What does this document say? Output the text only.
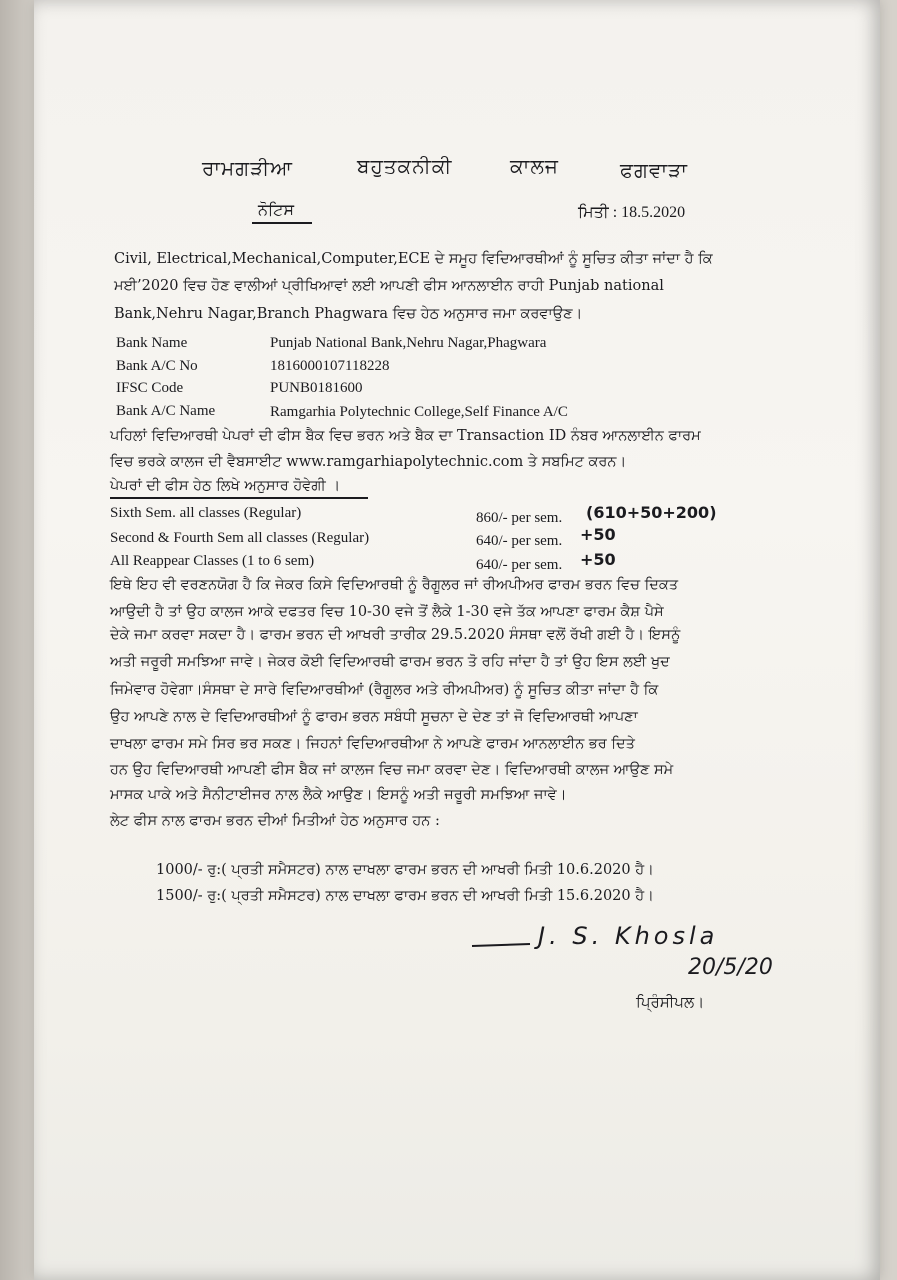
ਰਾਮਗੜੀਆ	ਬਹੁਤਕਨੀਕੀ	ਕਾਲਜ	ਫਗਵਾੜਾ
ਨੋਟਿਸ	ਮਿਤੀ : 18.5.2020
Civil, Electrical,Mechanical,Computer,ECE ਦੇ ਸਮੂਹ ਵਿਦਿਆਰਥੀਆਂ ਨੂੰ ਸੂਚਿਤ ਕੀਤਾ ਜਾਂਦਾ ਹੈ ਕਿ
ਮਈ’2020 ਵਿਚ ਹੋਣ ਵਾਲੀਆਂ ਪ੍ਰੀਖਿਆਵਾਂ ਲਈ ਆਪਣੀ ਫੀਸ ਆਨਲਾਈਨ ਰਾਹੀ Punjab national
Bank,Nehru Nagar,Branch Phagwara ਵਿਚ ਹੇਠ ਅਨੁਸਾਰ ਜਮਾ ਕਰਵਾਉਣ।
Bank Name	Punjab National Bank,Nehru Nagar,Phagwara
Bank A/C No	1816000107118228
IFSC Code	PUNB0181600
Bank A/C Name	Ramgarhia Polytechnic College,Self Finance A/C
ਪਹਿਲਾਂ ਵਿਦਿਆਰਥੀ ਪੇਪਰਾਂ ਦੀ ਫੀਸ ਬੈਕ ਵਿਚ ਭਰਨ ਅਤੇ ਬੈਕ ਦਾ Transaction ID ਨੰਬਰ ਆਨਲਾਈਨ ਫਾਰਮ
ਵਿਚ ਭਰਕੇ ਕਾਲਜ ਦੀ ਵੈਬਸਾਈਟ www.ramgarhiapolytechnic.com ਤੇ ਸਬਮਿਟ ਕਰਨ।
ਪੇਪਰਾਂ ਦੀ ਫੀਸ ਹੇਠ ਲਿਖੇ ਅਨੁਸਾਰ ਹੋਵੇਗੀ ।
Sixth Sem. all classes (Regular)	860/- per sem. (610+50+200)
Second & Fourth Sem all classes (Regular)	640/- per sem. +50
All Reappear Classes (1 to 6 sem)	640/- per sem. +50
ਇਥੇ ਇਹ ਵੀ ਵਰਣਨਯੋਗ ਹੈ ਕਿ ਜੇਕਰ ਕਿਸੇ ਵਿਦਿਆਰਥੀ ਨੂੰ ਰੈਗੂਲਰ ਜਾਂ ਰੀਅਪੀਅਰ ਫਾਰਮ ਭਰਨ ਵਿਚ ਦਿਕਤ
ਆਉਦੀ ਹੈ ਤਾਂ ਉਹ ਕਾਲਜ ਆਕੇ ਦਫਤਰ ਵਿਚ 10-30 ਵਜੇ ਤੋਂ ਲੈਕੇ 1-30 ਵਜੇ ਤੱਕ ਆਪਣਾ ਫਾਰਮ ਕੈਸ਼ ਪੈਸੇ
ਦੇਕੇ ਜਮਾ ਕਰਵਾ ਸਕਦਾ ਹੈ। ਫਾਰਮ ਭਰਨ ਦੀ ਆਖਰੀ ਤਾਰੀਕ 29.5.2020 ਸੰਸਥਾ ਵਲੋਂ ਰੱਖੀ ਗਈ ਹੈ। ਇਸਨੂੰ
ਅਤੀ ਜਰੂਰੀ ਸਮਝਿਆ ਜਾਵੇ। ਜੇਕਰ ਕੋਈ ਵਿਦਿਆਰਥੀ ਫਾਰਮ ਭਰਨ ਤੋ ਰਹਿ ਜਾਂਦਾ ਹੈ ਤਾਂ ਉਹ ਇਸ ਲਈ ਖੁਦ
ਜਿਮੇਵਾਰ ਹੋਵੇਗਾ।ਸੰਸਥਾ ਦੇ ਸਾਰੇ ਵਿਦਿਆਰਥੀਆਂ (ਰੈਗੂਲਰ ਅਤੇ ਰੀਅਪੀਅਰ) ਨੂੰ ਸੂਚਿਤ ਕੀਤਾ ਜਾਂਦਾ ਹੈ ਕਿ
ਉਹ ਆਪਣੇ ਨਾਲ ਦੇ ਵਿਦਿਆਰਥੀਆਂ ਨੂੰ ਫਾਰਮ ਭਰਨ ਸਬੰਧੀ ਸੂਚਨਾ ਦੇ ਦੇਣ ਤਾਂ ਜੋ ਵਿਦਿਆਰਥੀ ਆਪਣਾ
ਦਾਖਲਾ ਫਾਰਮ ਸਮੇ ਸਿਰ ਭਰ ਸਕਣ। ਜਿਹਨਾਂ ਵਿਦਿਆਰਥੀਆ ਨੇ ਆਪਣੇ ਫਾਰਮ ਆਨਲਾਈਨ ਭਰ ਦਿਤੇ
ਹਨ ਉਹ ਵਿਦਿਆਰਥੀ ਆਪਣੀ ਫੀਸ ਬੈਕ ਜਾਂ ਕਾਲਜ ਵਿਚ ਜਮਾ ਕਰਵਾ ਦੇਣ। ਵਿਦਿਆਰਥੀ ਕਾਲਜ ਆਉਣ ਸਮੇ
ਮਾਸਕ ਪਾਕੇ ਅਤੇ ਸੈਨੀਟਾਈਜਰ ਨਾਲ ਲੈਕੇ ਆਉਣ। ਇਸਨੂੰ ਅਤੀ ਜਰੂਰੀ ਸਮਝਿਆ ਜਾਵੇ।
ਲੇਟ ਫੀਸ ਨਾਲ ਫਾਰਮ ਭਰਨ ਦੀਆਂ ਮਿਤੀਆਂ ਹੇਠ ਅਨੁਸਾਰ ਹਨ :
1000/- ਰੁ:( ਪ੍ਰਤੀ ਸਮੈਸਟਰ) ਨਾਲ ਦਾਖਲਾ ਫਾਰਮ ਭਰਨ ਦੀ ਆਖਰੀ ਮਿਤੀ 10.6.2020 ਹੈ।
1500/- ਰੁ:( ਪ੍ਰਤੀ ਸਮੈਸਟਰ) ਨਾਲ ਦਾਖਲਾ ਫਾਰਮ ਭਰਨ ਦੀ ਆਖਰੀ ਮਿਤੀ 15.6.2020 ਹੈ।
J. S. Khosla
20/5/20
ਪ੍ਰਿੰਸੀਪਲ।
